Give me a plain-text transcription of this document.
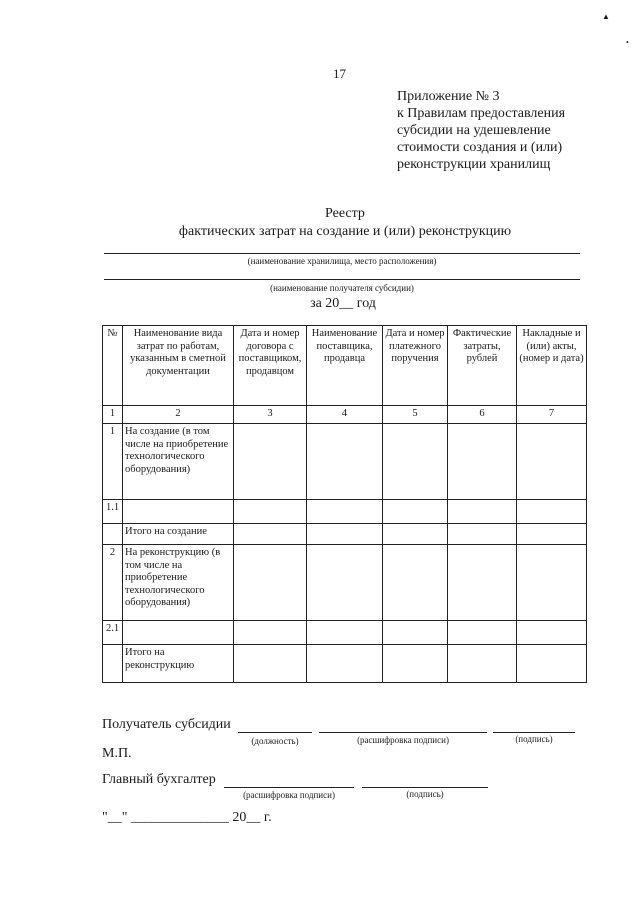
17
Приложение № 3
к Правилам предоставления
субсидии на удешевление
стоимости создания и (или)
реконструкции хранилищ
Реестр
фактических затрат на создание и (или) реконструкцию
(наименование хранилища, место расположения)
(наименование получателя субсидии)
за 20__ год
№	Наименование вида затрат по работам, указанным в сметной документации	Дата и номер договора с поставщиком, продавцом	Наименование поставщика, продавца	Дата и номер платежного поручения	Фактические затраты, рублей	Накладные и (или) акты, (номер и дата)
1	2	3	4	5	6	7
1	На создание (в том числе на приобретение технологического оборудования)					
1.1						
	Итого на создание					
2	На реконструкцию (в том числе на приобретение технологического оборудования)					
2.1						
	Итого на реконструкцию					
Получатель субсидии
(должность)	(расшифровка подписи)	(подпись)
М.П.
Главный бухгалтер
(расшифровка подписи)	(подпись)
"__" ______________ 20__ г.
▲
•
